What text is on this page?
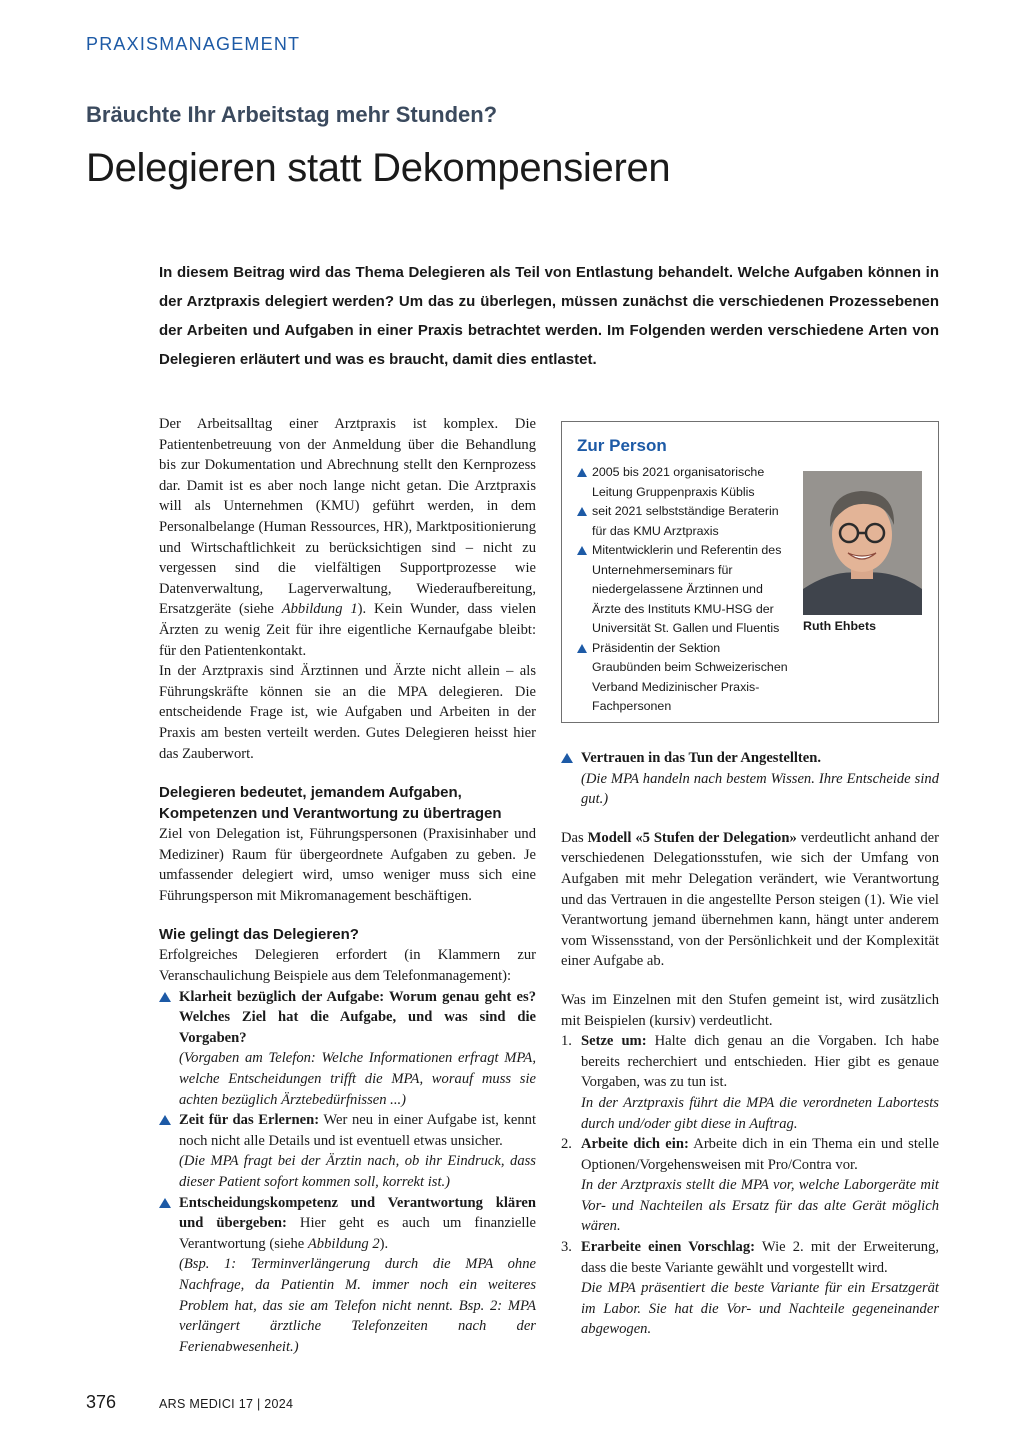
PRAXISMANAGEMENT
Bräuchte Ihr Arbeitstag mehr Stunden?
Delegieren statt Dekompensieren

In diesem Beitrag wird das Thema Delegieren als Teil von Entlastung behandelt. Welche Aufgaben können in der Arztpraxis delegiert werden? Um das zu überlegen, müssen zunächst die verschiedenen Prozessebenen der Arbeiten und Aufgaben in einer Praxis betrachtet werden. Im Folgenden werden verschiedene Arten von Delegieren erläutert und was es braucht, damit dies entlastet.

Der Arbeitsalltag einer Arztpraxis ist komplex. Die Patientenbetreuung von der Anmeldung über die Behandlung bis zur Dokumentation und Abrechnung stellt den Kernprozess dar. Damit ist es aber noch lange nicht getan. Die Arztpraxis will als Unternehmen (KMU) geführt werden, in dem Personalbelange (Human Ressources, HR), Marktpositionierung und Wirtschaftlichkeit zu berücksichtigen sind – nicht zu vergessen sind die vielfältigen Supportprozesse wie Datenverwaltung, Lagerverwaltung, Wiederaufbereitung, Ersatzgeräte (siehe Abbildung 1). Kein Wunder, dass vielen Ärzten zu wenig Zeit für ihre eigentliche Kernaufgabe bleibt: für den Patientenkontakt.

In der Arztpraxis sind Ärztinnen und Ärzte nicht allein – als Führungskräfte können sie an die MPA delegieren. Die entscheidende Frage ist, wie Aufgaben und Arbeiten in der Praxis am besten verteilt werden. Gutes Delegieren heisst hier das Zauberwort.

Delegieren bedeutet, jemandem Aufgaben, Kompetenzen und Verantwortung zu übertragen

Ziel von Delegation ist, Führungspersonen (Praxisinhaber und Mediziner) Raum für übergeordnete Aufgaben zu geben. Je umfassender delegiert wird, umso weniger muss sich eine Führungsperson mit Mikromanagement beschäftigen.

Wie gelingt das Delegieren?

Erfolgreiches Delegieren erfordert (in Klammern zur Veranschaulichung Beispiele aus dem Telefonmanagement):

Klarheit bezüglich der Aufgabe: Worum genau geht es? Welches Ziel hat die Aufgabe, und was sind die Vorgaben?
(Vorgaben am Telefon: Welche Informationen erfragt MPA, welche Entscheidungen trifft die MPA, worauf muss sie achten bezüglich Ärztebedürfnissen ...)
Zeit für das Erlernen: Wer neu in einer Aufgabe ist, kennt noch nicht alle Details und ist eventuell etwas unsicher.
(Die MPA fragt bei der Ärztin nach, ob ihr Eindruck, dass dieser Patient sofort kommen soll, korrekt ist.)
Entscheidungskompetenz und Verantwortung klären und übergeben: Hier geht es auch um finanzielle Verantwortung (siehe Abbildung 2).
(Bsp. 1: Terminverlängerung durch die MPA ohne Nachfrage, da Patientin M. immer noch ein weiteres Problem hat, das sie am Telefon nicht nennt. Bsp. 2: MPA verlängert ärztliche Telefonzeiten nach der Ferienabwesenheit.)
Zur Person
2005 bis 2021 organisatorische Leitung Gruppenpraxis Küblis
seit 2021 selbstständige Beraterin für das KMU Arztpraxis
Mitentwicklerin und Referentin des Unternehmerseminars für niedergelassene Ärztinnen und Ärzte des Instituts KMU-HSG der Universität St. Gallen und Fluentis
Präsidentin der Sektion Graubünden beim Schweizerischen Verband Medizinischer Praxis-Fachpersonen
Ruth Ehbets
Vertrauen in das Tun der Angestellten.
(Die MPA handeln nach bestem Wissen. Ihre Entscheide sind gut.)

Das Modell «5 Stufen der Delegation» verdeutlicht anhand der verschiedenen Delegationsstufen, wie sich der Umfang von Aufgaben mit mehr Delegation verändert, wie Verantwortung und das Vertrauen in die angestellte Person steigen (1). Wie viel Verantwortung jemand übernehmen kann, hängt unter anderem vom Wissensstand, von der Persönlichkeit und der Komplexität einer Aufgabe ab.

Was im Einzelnen mit den Stufen gemeint ist, wird zusätzlich mit Beispielen (kursiv) verdeutlicht.

1. Setze um: Halte dich genau an die Vorgaben. Ich habe bereits recherchiert und entschieden. Hier gibt es genaue Vorgaben, was zu tun ist.
In der Arztpraxis führt die MPA die verordneten Labortests durch und/oder gibt diese in Auftrag.
2. Arbeite dich ein: Arbeite dich in ein Thema ein und stelle Optionen/Vorgehensweisen mit Pro/Contra vor.
In der Arztpraxis stellt die MPA vor, welche Laborgeräte mit Vor- und Nachteilen als Ersatz für das alte Gerät möglich wären.
3. Erarbeite einen Vorschlag: Wie 2. mit der Erweiterung, dass die beste Variante gewählt und vorgestellt wird.
Die MPA präsentiert die beste Variante für ein Ersatzgerät im Labor. Sie hat die Vor- und Nachteile gegeneinander abgewogen.
376	ARS MEDICI 17 | 2024
